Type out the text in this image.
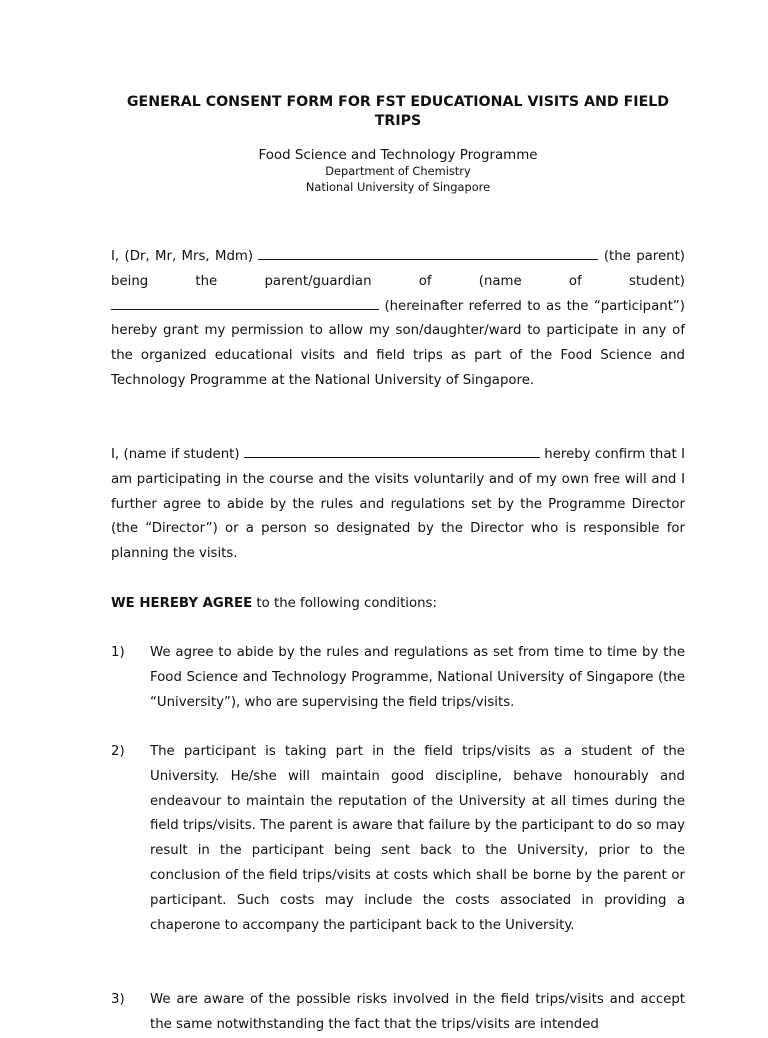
GENERAL CONSENT FORM FOR FST EDUCATIONAL VISITS AND FIELD TRIPS
Food Science and Technology Programme
Department of Chemistry
National University of Singapore
I, (Dr, Mr, Mrs, Mdm)	(the parent) being the parent/guardian of (name of student)  (hereinafter referred to as the “participant”) hereby grant my permission to allow my son/daughter/ward to participate in any of the organized educational visits and field trips as part of the Food Science and Technology Programme at the National University of Singapore.
I, (name if student)	hereby confirm that I am participating in the course and the visits voluntarily and of my own free will and I further agree to abide by the rules and regulations set by the Programme Director (the “Director”) or a person so designated by the Director who is responsible for planning the visits.
WE HEREBY AGREE to the following conditions:
1)	We agree to abide by the rules and regulations as set from time to time by the Food Science and Technology Programme, National University of Singapore (the “University”), who are supervising the field trips/visits.
2)	The participant is taking part in the field trips/visits as a student of the University. He/she will maintain good discipline, behave honourably and endeavour to maintain the reputation of the University at all times during the field trips/visits. The parent is aware that failure by the participant to do so may result in the participant being sent back to the University, prior to the conclusion of the field trips/visits at costs which shall be borne by the parent or participant. Such costs may include the costs associated in providing a chaperone to accompany the participant back to the University.
3)	We are aware of the possible risks involved in the field trips/visits and accept the same notwithstanding the fact that the trips/visits are intended
